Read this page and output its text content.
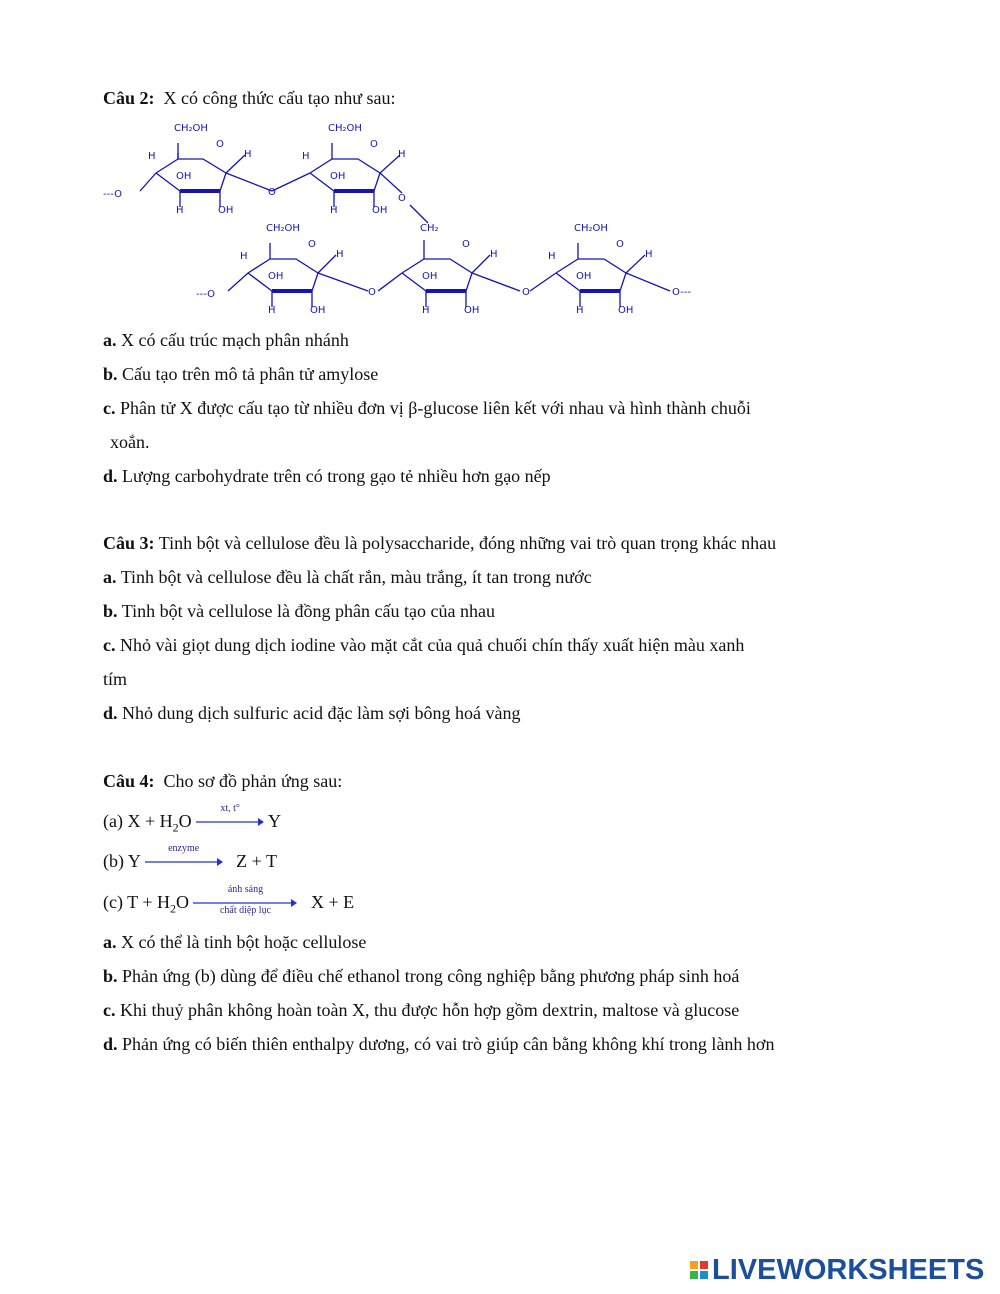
Câu 2: X có công thức cấu tạo như sau:
CH₂OH	CH₂OH
CH₂OH	CH₂	CH₂OH
O	O
O	O	O
OH
OH
OH
OH
OH
OH
OH
OH
OH
OH
H	H
H
H	H
H
H	H
H
H
H
H	H
H
O
O
O	O
---O
---O	O---
a. X có cấu trúc mạch phân nhánh
b. Cấu tạo trên mô tả phân tử amylose
c. Phân tử X được cấu tạo từ nhiều đơn vị β-glucose liên kết với nhau và hình thành chuỗi
xoắn.
d. Lượng carbohydrate trên có trong gạo tẻ nhiều hơn gạo nếp
Câu 3: Tinh bột và cellulose đều là polysaccharide, đóng những vai trò quan trọng khác nhau
a. Tinh bột và cellulose đều là chất rắn, màu trắng, ít tan trong nước
b. Tinh bột và cellulose là đồng phân cấu tạo của nhau
c. Nhỏ vài giọt dung dịch iodine vào mặt cắt của quả chuối chín thấy xuất hiện màu xanh
tím
d. Nhỏ dung dịch sulfuric acid đặc làm sợi bông hoá vàng
Câu 4: Cho sơ đồ phản ứng sau:
(a) $X + H_2O$
xt, t°
Y
(b) Y
enzyme
Z + T
(c) $T + H_2O$
ánh sáng
chất diệp lục	X + E
a. X có thể là tinh bột hoặc cellulose
b. Phản ứng (b) dùng để điều chế ethanol trong công nghiệp bằng phương pháp sinh hoá
c. Khi thuỷ phân không hoàn toàn X, thu được hỗn hợp gồm dextrin, maltose và glucose
d. Phản ứng có biến thiên enthalpy dương, có vai trò giúp cân bằng không khí trong lành hơn
LIVEWORKSHEETS
